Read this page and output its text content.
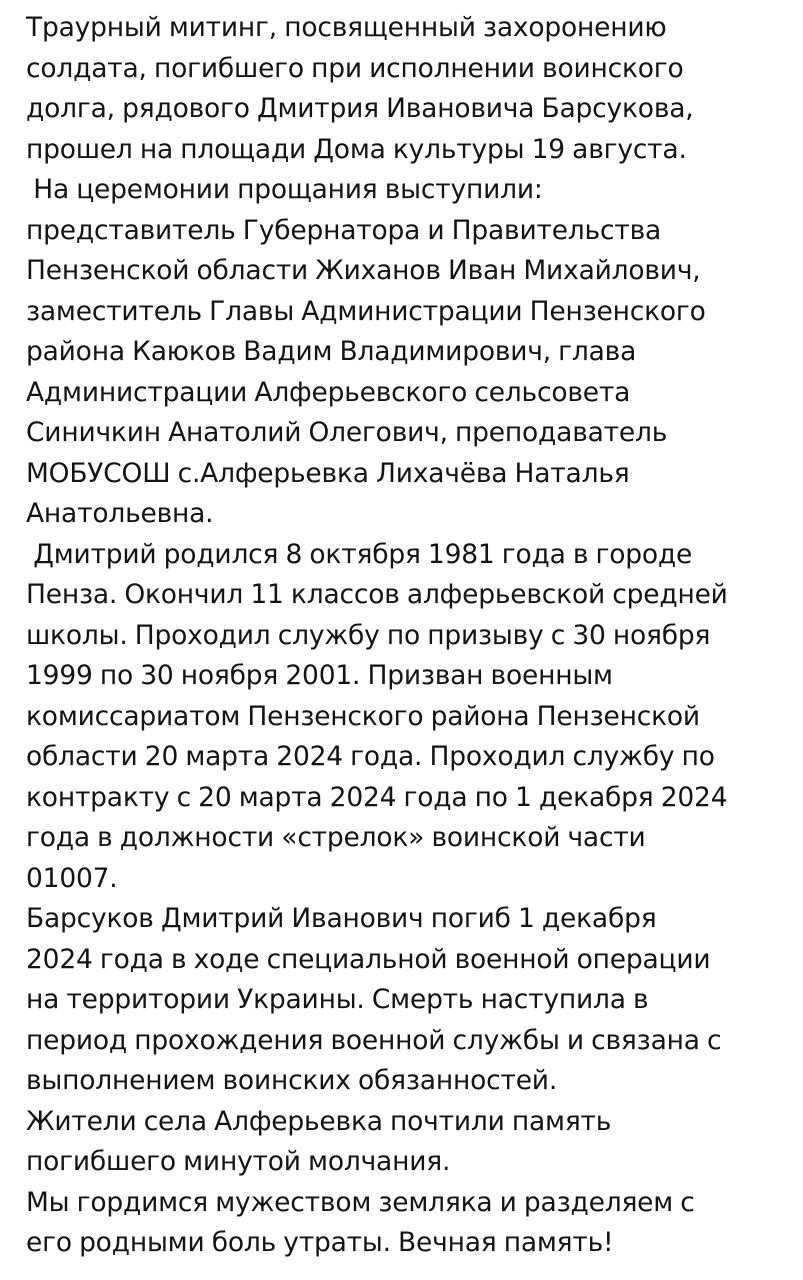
Траурный митинг, посвященный захоронению
солдата, погибшего при исполнении воинского
долга, рядового Дмитрия Ивановича Барсукова,
прошел на площади Дома культуры 19 августа.
На церемонии прощания выступили:
представитель Губернатора и Правительства
Пензенской области Жиханов Иван Михайлович,
заместитель Главы Администрации Пензенского
района Каюков Вадим Владимирович, глава
Администрации Алферьевского сельсовета
Синичкин Анатолий Олегович, преподаватель
МОБУСОШ с.Алферьевка Лихачёва Наталья
Анатольевна.
Дмитрий родился 8 октября 1981 года в городе
Пенза. Окончил 11 классов алферьевской средней
школы. Проходил службу по призыву с 30 ноября
1999 по 30 ноября 2001. Призван военным
комиссариатом Пензенского района Пензенской
области 20 марта 2024 года. Проходил службу по
контракту с 20 марта 2024 года по 1 декабря 2024
года в должности «стрелок» воинской части
01007.
Барсуков Дмитрий Иванович погиб 1 декабря
2024 года в ходе специальной военной операции
на территории Украины. Смерть наступила в
период прохождения военной службы и связана с
выполнением воинских обязанностей.
Жители села Алферьевка почтили память
погибшего минутой молчания.
Мы гордимся мужеством земляка и разделяем с
его родными боль утраты. Вечная память!
